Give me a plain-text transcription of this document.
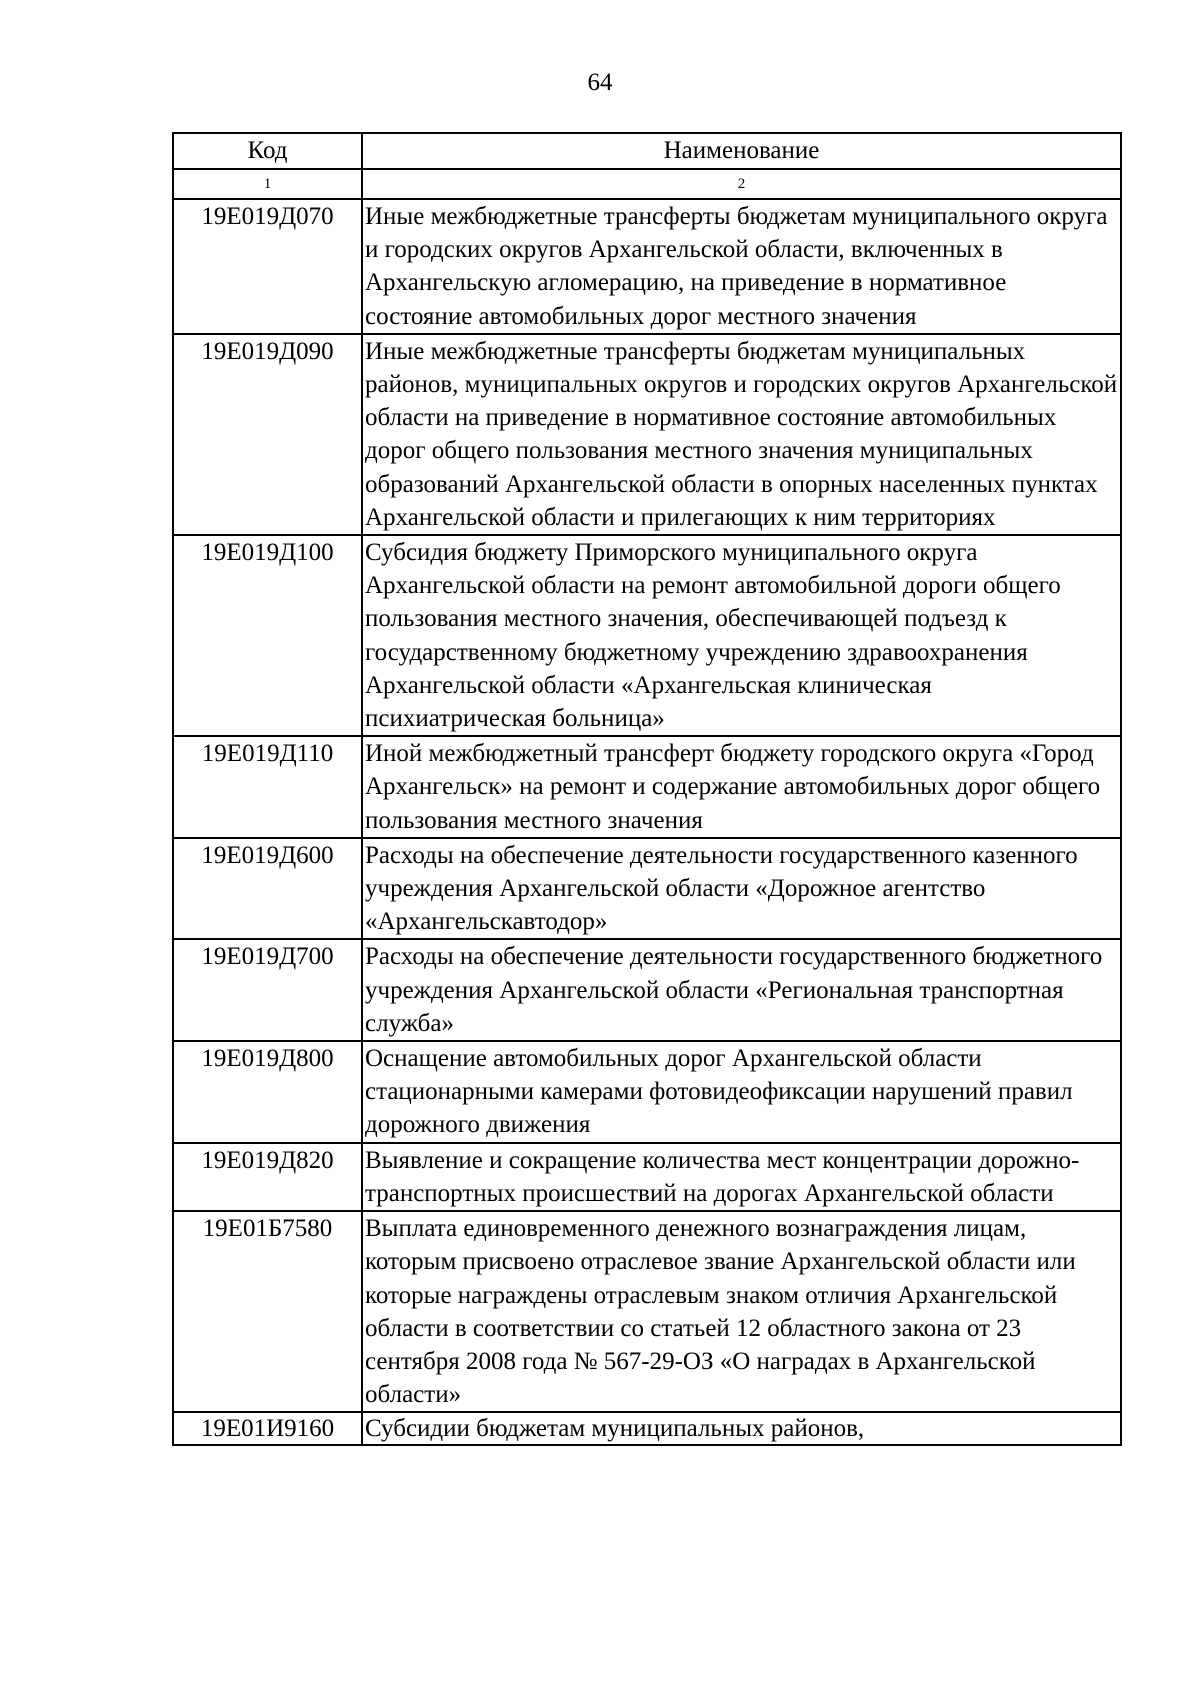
64
Код	Наименование
1	2
19Е019Д070	Иные межбюджетные трансферты бюджетам муниципального округа и городских округов Архангельской области, включенных в Архангельскую агломерацию, на приведение в нормативное состояние автомобильных дорог местного значения
19Е019Д090	Иные межбюджетные трансферты бюджетам муниципальных районов, муниципальных округов и городских округов Архангельской области на приведение в нормативное состояние автомобильных дорог общего пользования местного значения муниципальных образований Архангельской области в опорных населенных пунктах Архангельской области и прилегающих к ним территориях
19Е019Д100	Субсидия бюджету Приморского муниципального округа Архангельской области на ремонт автомобильной дороги общего пользования местного значения, обеспечивающей подъезд к государственному бюджетному учреждению здравоохранения Архангельской области «Архангельская клиническая психиатрическая больница»
19Е019Д110	Иной межбюджетный трансферт бюджету городского округа «Город Архангельск» на ремонт и содержание автомобильных дорог общего пользования местного значения
19Е019Д600	Расходы на обеспечение деятельности государственного казенного учреждения Архангельской области «Дорожное агентство «Архангельскавтодор»
19Е019Д700	Расходы на обеспечение деятельности государственного бюджетного учреждения Архангельской области «Региональная транспортная служба»
19Е019Д800	Оснащение автомобильных дорог Архангельской области стационарными камерами фотовидеофиксации нарушений правил дорожного движения
19Е019Д820	Выявление и сокращение количества мест концентрации дорожно-транспортных происшествий на дорогах Архангельской области
19Е01Б7580	Выплата единовременного денежного вознаграждения лицам, которым присвоено отраслевое звание Архангельской области или которые награждены отраслевым знаком отличия Архангельской области в соответствии со статьей 12 областного закона от 23 сентября 2008 года № 567-29-ОЗ «О наградах в Архангельской области»
19Е01И9160	Субсидии бюджетам муниципальных районов,
